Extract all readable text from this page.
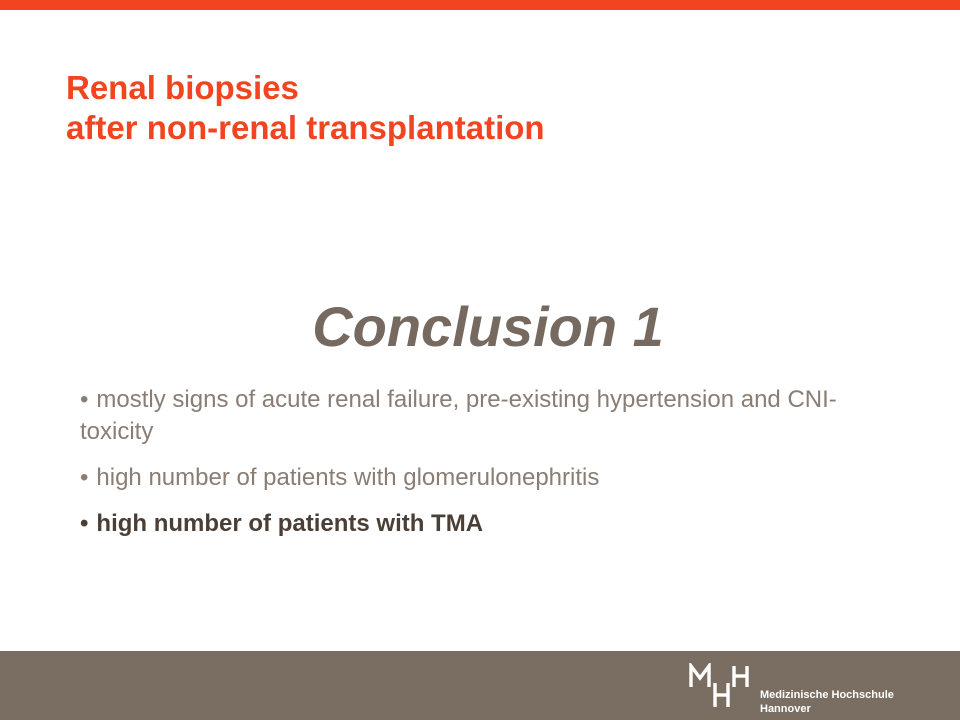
Renal biopsies
after non-renal transplantation
Conclusion 1
• mostly signs of acute renal failure, pre-existing hypertension and CNI-toxicity
• high number of patients with glomerulonephritis
• high number of patients with TMA
Medizinische Hochschule
Hannover
